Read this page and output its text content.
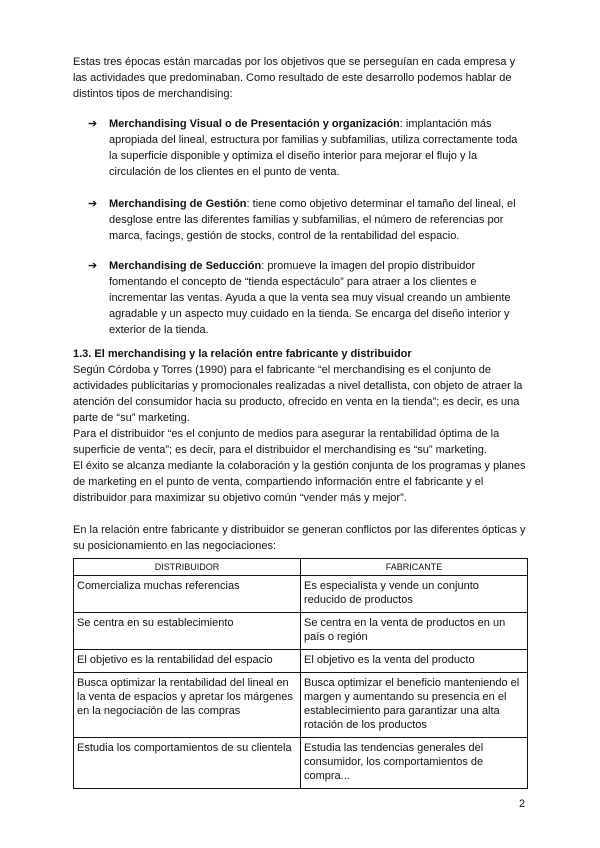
Estas tres épocas están marcadas por los objetivos que se perseguían en cada empresa y las actividades que predominaban. Como resultado de este desarrollo podemos hablar de distintos tipos de merchandising:

➔ Merchandising Visual o de Presentación y organización: implantación más apropiada del lineal, estructura por familias y subfamilias, utiliza correctamente toda la superficie disponible y optimiza el diseño interior para mejorar el flujo y la circulación de los clientes en el punto de venta.
➔ Merchandising de Gestión: tiene como objetivo determinar el tamaño del lineal, el desglose entre las diferentes familias y subfamilias, el número de referencias por marca, facings, gestión de stocks, control de la rentabilidad del espacio.
➔ Merchandising de Seducción: promueve la imagen del propio distribuidor fomentando el concepto de “tienda espectáculo” para atraer a los clientes e incrementar las ventas. Ayuda a que la venta sea muy visual creando un ambiente agradable y un aspecto muy cuidado en la tienda. Se encarga del diseño interior y exterior de la tienda.
1.3. El merchandising y la relación entre fabricante y distribuidor

Según Córdoba y Torres (1990) para el fabricante “el merchandising es el conjunto de actividades publicitarias y promocionales realizadas a nivel detallista, con objeto de atraer la atención del consumidor hacia su producto, ofrecido en venta en la tienda”; es decir, es una parte de “su” marketing.

Para el distribuidor “es el conjunto de medios para asegurar la rentabilidad óptima de la superficie de venta”; es decir, para el distribuidor el merchandising es “su” marketing.

El éxito se alcanza mediante la colaboración y la gestión conjunta de los programas y planes de marketing en el punto de venta, compartiendo información entre el fabricante y el distribuidor para maximizar su objetivo común “vender más y mejor”.

En la relación entre fabricante y distribuidor se generan conflictos por las diferentes ópticas y su posicionamiento en las negociaciones:

DISTRIBUIDOR	FABRICANTE
Comercializa muchas referencias	Es especialista y vende un conjunto reducido de productos
Se centra en su establecimiento	Se centra en la venta de productos en un país o región
El objetivo es la rentabilidad del espacio	El objetivo es la venta del producto
Busca optimizar la rentabilidad del lineal en la venta de espacios y apretar los márgenes en la negociación de las compras	Busca optimizar el beneficio manteniendo el margen y aumentando su presencia en el establecimiento para garantizar una alta rotación de los productos
Estudia los comportamientos de su clientela	Estudia las tendencias generales del consumidor, los comportamientos de compra...
2
